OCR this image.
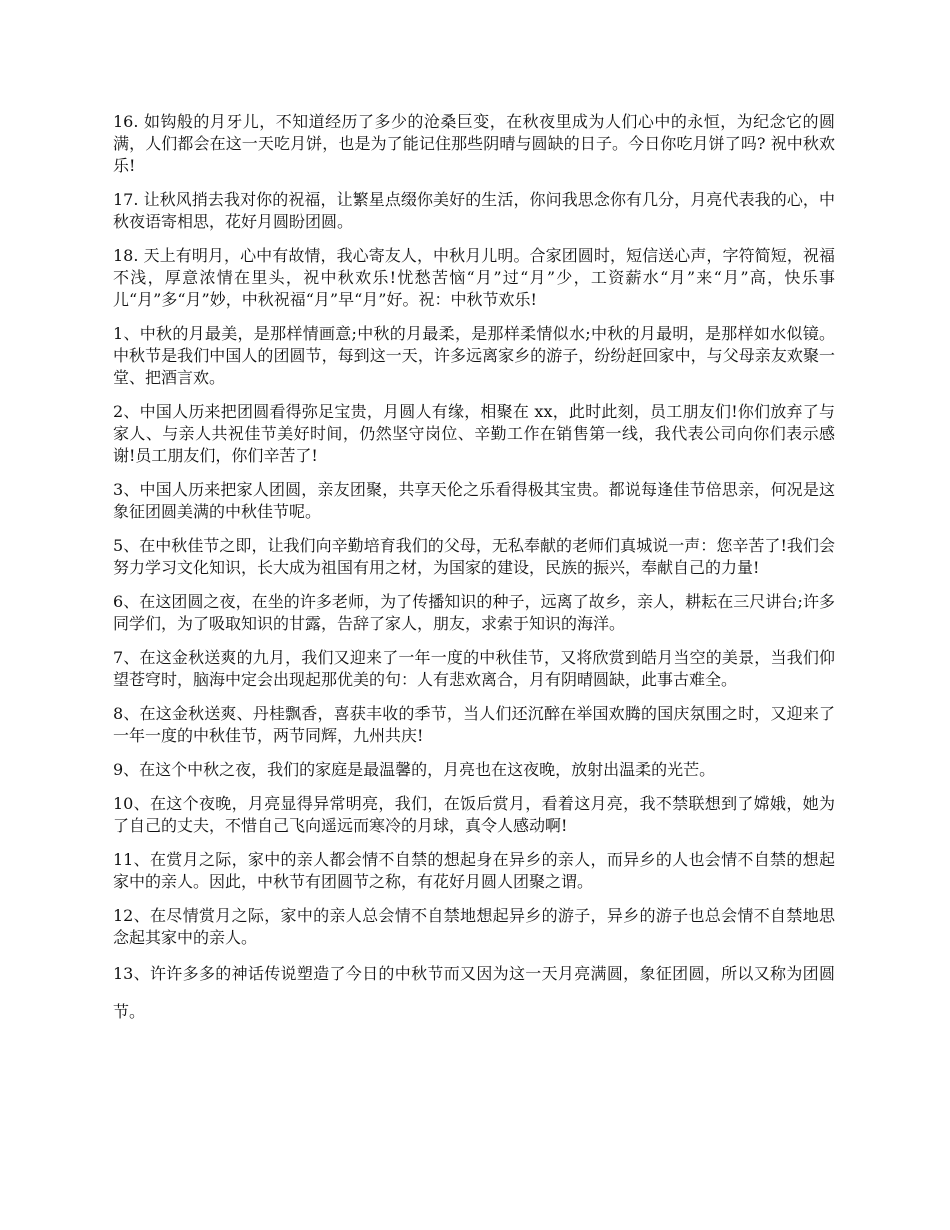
16. 如钩般的月牙儿，不知道经历了多少的沧桑巨变，在秋夜里成为人们心中的永恒，为纪念它的圆满，人们都会在这一天吃月饼，也是为了能记住那些阴晴与圆缺的日子。今日你吃月饼了吗? 祝中秋欢乐!

17. 让秋风捎去我对你的祝福，让繁星点缀你美好的生活，你问我思念你有几分，月亮代表我的心，中秋夜语寄相思，花好月圆盼团圆。

18. 天上有明月，心中有故情，我心寄友人，中秋月儿明。合家团圆时，短信送心声，字符简短，祝福不浅，厚意浓情在里头，祝中秋欢乐!忧愁苦恼“月”过“月”少，工资薪水“月”来“月”高，快乐事儿“月”多“月”妙，中秋祝福“月”早“月”好。祝：中秋节欢乐!

1、中秋的月最美，是那样情画意;中秋的月最柔，是那样柔情似水;中秋的月最明，是那样如水似镜。中秋节是我们中国人的团圆节，每到这一天，许多远离家乡的游子，纷纷赶回家中，与父母亲友欢聚一堂、把酒言欢。

2、中国人历来把团圆看得弥足宝贵，月圆人有缘，相聚在 xx，此时此刻，员工朋友们!你们放弃了与家人、与亲人共祝佳节美好时间，仍然坚守岗位、辛勤工作在销售第一线，我代表公司向你们表示感谢!员工朋友们，你们辛苦了!

3、中国人历来把家人团圆，亲友团聚，共享天伦之乐看得极其宝贵。都说每逢佳节倍思亲，何况是这象征团圆美满的中秋佳节呢。

5、在中秋佳节之即，让我们向辛勤培育我们的父母，无私奉献的老师们真城说一声：您辛苦了!我们会努力学习文化知识，长大成为祖国有用之材，为国家的建设，民族的振兴，奉献自己的力量!

6、在这团圆之夜，在坐的许多老师，为了传播知识的种子，远离了故乡，亲人，耕耘在三尺讲台;许多同学们，为了吸取知识的甘露，告辞了家人，朋友，求索于知识的海洋。

7、在这金秋送爽的九月，我们又迎来了一年一度的中秋佳节，又将欣赏到皓月当空的美景，当我们仰望苍穹时，脑海中定会出现起那优美的句：人有悲欢离合，月有阴晴圆缺，此事古难全。

8、在这金秋送爽、丹桂飘香，喜获丰收的季节，当人们还沉醉在举国欢腾的国庆氛围之时，又迎来了一年一度的中秋佳节，两节同辉，九州共庆!

9、在这个中秋之夜，我们的家庭是最温馨的，月亮也在这夜晚，放射出温柔的光芒。

10、在这个夜晚，月亮显得异常明亮，我们，在饭后赏月，看着这月亮，我不禁联想到了嫦娥，她为了自己的丈夫，不惜自己飞向遥远而寒冷的月球，真令人感动啊!

11、在赏月之际，家中的亲人都会情不自禁的想起身在异乡的亲人，而异乡的人也会情不自禁的想起家中的亲人。因此，中秋节有团圆节之称，有花好月圆人团聚之谓。

12、在尽情赏月之际，家中的亲人总会情不自禁地想起异乡的游子，异乡的游子也总会情不自禁地思念起其家中的亲人。

13、许许多多的神话传说塑造了今日的中秋节而又因为这一天月亮满圆，象征团圆，所以又称为团圆节。
